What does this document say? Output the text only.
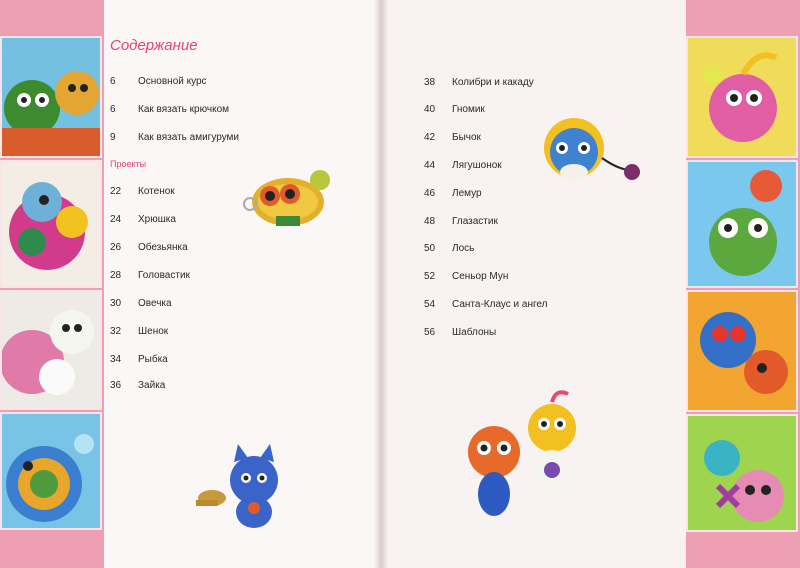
Содержание
Проекты
6	Основной курс
6	Как вязать крючком
9	Как вязать амигуруми
22	Котенок
24	Хрюшка
26	Обезьянка
28	Головастик
30	Овечка
32	Шенок
34	Рыбка
36	Зайка
38	Колибри и какаду
40	Гномик
42	Бычок
44	Лягушонок
46	Лемур
48	Глазастик
50	Лось
52	Сеньор Мун
54	Санта-Клаус и ангел
56	Шаблоны
